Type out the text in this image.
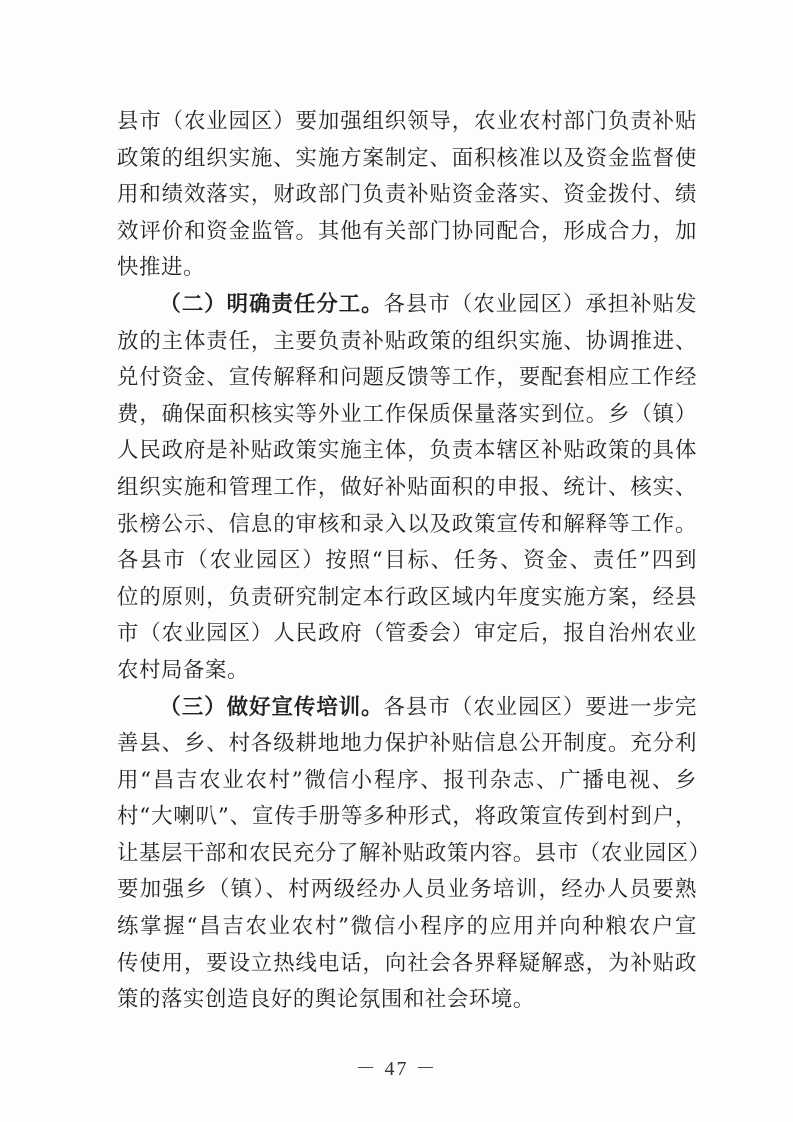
县市（农业园区）要加强组织领导，农业农村部门负责补贴
政策的组织实施、实施方案制定、面积核准以及资金监督使
用和绩效落实，财政部门负责补贴资金落实、资金拨付、绩
效评价和资金监管。其他有关部门协同配合，形成合力，加
快推进。
（二）明确责任分工。各县市（农业园区）承担补贴发
放的主体责任，主要负责补贴政策的组织实施、协调推进、
兑付资金、宣传解释和问题反馈等工作，要配套相应工作经
费，确保面积核实等外业工作保质保量落实到位。乡（镇）
人民政府是补贴政策实施主体，负责本辖区补贴政策的具体
组织实施和管理工作，做好补贴面积的申报、统计、核实、
张榜公示、信息的审核和录入以及政策宣传和解释等工作。
各县市（农业园区）按照“目标、任务、资金、责任”四到
位的原则，负责研究制定本行政区域内年度实施方案，经县
市（农业园区）人民政府（管委会）审定后，报自治州农业
农村局备案。
（三）做好宣传培训。各县市（农业园区）要进一步完
善县、乡、村各级耕地地力保护补贴信息公开制度。充分利
用“昌吉农业农村”微信小程序、报刊杂志、广播电视、乡
村“大喇叭”、宣传手册等多种形式，将政策宣传到村到户，
让基层干部和农民充分了解补贴政策内容。县市（农业园区）
要加强乡（镇）、村两级经办人员业务培训，经办人员要熟
练掌握“昌吉农业农村”微信小程序的应用并向种粮农户宣
传使用，要设立热线电话，向社会各界释疑解惑，为补贴政
策的落实创造良好的舆论氛围和社会环境。
－ 47 －
